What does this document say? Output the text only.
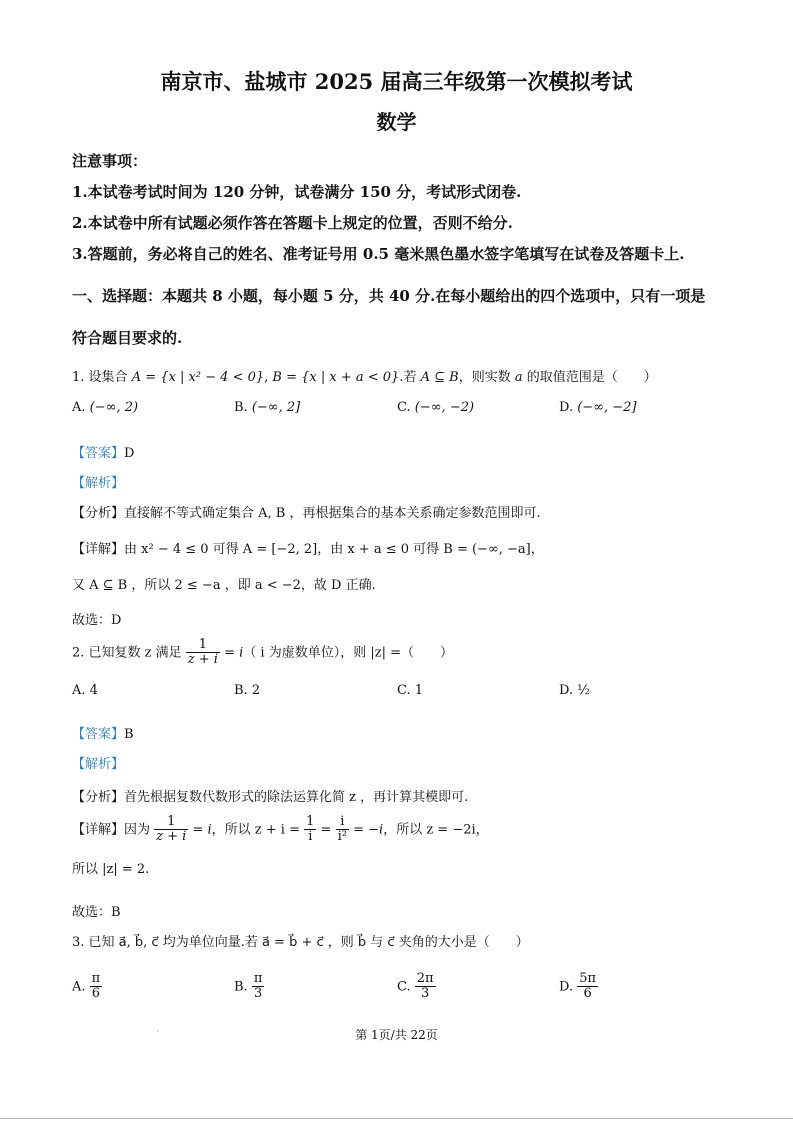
南京市、盐城市 2025 届高三年级第一次模拟考试
数学
注意事项：
1.本试卷考试时间为 120 分钟，试卷满分 150 分，考试形式闭卷.
2.本试卷中所有试题必须作答在答题卡上规定的位置，否则不给分.
3.答题前，务必将自己的姓名、准考证号用 0.5 毫米黑色墨水签字笔填写在试卷及答题卡上.
一、选择题：本题共 8 小题，每小题 5 分，共 40 分.在每小题给出的四个选项中，只有一项是
符合题目要求的.
1. 设集合 A = {x | x² − 4 < 0}, B = {x | x + a < 0}.若 A ⊆ B，则实数 a 的取值范围是（　　）
A. (−∞, 2)	B. (−∞, 2]	C. (−∞, −2)	D. (−∞, −2]
【答案】D
【解析】
【分析】直接解不等式确定集合 A, B ，再根据集合的基本关系确定参数范围即可.
【详解】由 x² − 4 ≤ 0 可得 A = [−2, 2]，由 x + a ≤ 0 可得 B = (−∞, −a]，
又 A ⊆ B ，所以 2 ≤ −a ，即 a < −2，故 D 正确.
故选：D
2. 已知复数 z 满足 $\frac{1}{z + i} = i$（ i 为虚数单位），则 |z| =（　　）
A. 4	B. 2	C. 1	D. ½
【答案】B
【解析】
【分析】首先根据复数代数形式的除法运算化简 z ，再计算其模即可.
【详解】因为 $\frac{1}{z + i} = i$，所以 $z + i = \frac{1}{i} = \frac{i}{\text{i²}} = -i$，所以 z = −2i，
所以 |z| = 2.
故选：B
3. 已知 a⃗, b⃗, c⃗ 均为单位向量.若 a⃗ = b⃗ + c⃗ ，则 b⃗ 与 c⃗ 夹角的大小是（　　）
A. $\frac{\pi}{6}$	B. $\frac{\pi}{3}$	C. $\frac{2\pi}{3}$	D. $\frac{5\pi}{6}$
第 1页/共 22页
